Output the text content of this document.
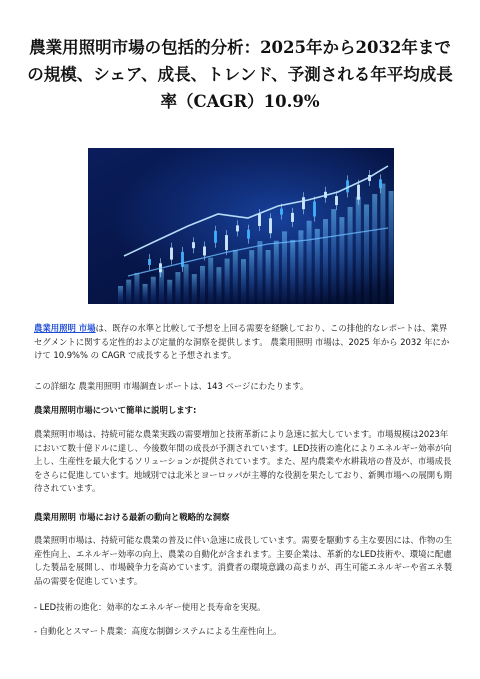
農業用照明市場の包括的分析：2025年から2032年までの規模、シェア、成長、トレンド、予測される年平均成長率（CAGR）10.9%

農業用照明 市場は、既存の水準と比較して予想を上回る需要を経験しており、この排他的なレポートは、業界セグメントに関する定性的および定量的な洞察を提供します。 農業用照明 市場は、2025 年から 2032 年にかけて 10.9%% の CAGR で成長すると予想されます。

この詳細な 農業用照明 市場調査レポートは、143 ページにわたります。

農業用照明市場について簡単に説明します:

農業照明市場は、持続可能な農業実践の需要増加と技術革新により急速に拡大しています。市場規模は2023年において数十億ドルに達し、今後数年間の成長が予測されています。LED技術の進化によりエネルギー効率が向上し、生産性を最大化するソリューションが提供されています。また、屋内農業や水耕栽培の普及が、市場成長をさらに促進しています。地域別では北米とヨーロッパが主導的な役割を果たしており、新興市場への展開も期待されています。

農業用照明 市場における最新の動向と戦略的な洞察

農業照明市場は、持続可能な農業の普及に伴い急速に成長しています。需要を駆動する主な要因には、作物の生産性向上、エネルギー効率の向上、農業の自動化が含まれます。主要企業は、革新的なLED技術や、環境に配慮した製品を展開し、市場競争力を高めています。消費者の環境意識の高まりが、再生可能エネルギーや省エネ製品の需要を促進しています。

- LED技術の進化：効率的なエネルギー使用と長寿命を実現。

- 自動化とスマート農業：高度な制御システムによる生産性向上。
